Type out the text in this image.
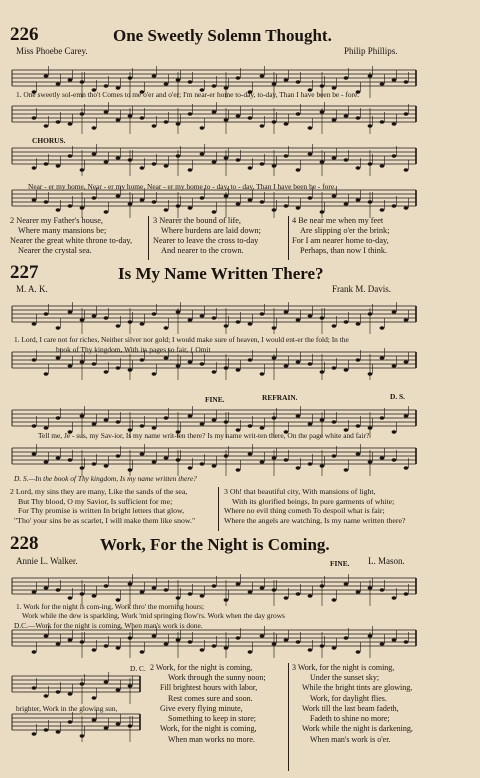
226	One Sweetly Solemn Thought.
Miss Phoebe Carey.	Philip Phillips.
1. One sweetly sol-emn tho't Comes to me o'er and o'er; I'm near-er home to-day, to-day, Than I have been be - fore.
CHORUS.
Near - er my home, Near - er my home, Near - er my home to - day, to - day, Than I have been be - fore.
2 Nearer my Father's house,
Where many mansions be;
Nearer the great white throne to-day,
Nearer the crystal sea.
3 Nearer the bound of life,
Where burdens are laid down;
Nearer to leave the cross to-day
And nearer to the crown.
4 Be near me when my feet
Are slipping o'er the brink;
For I am nearer home to-day,
Perhaps, than now I think.
227	Is My Name Written There?
M. A. K.	Frank M. Davis.
1. Lord, I care not for riches, Neither silver nor gold; I would make sure of heaven, I would ent-er the fold; In the
book of Thy kingdom, With its pages so fair, { Omit
FINE.	REFRAIN.	D. S.
Tell me, Je - sus, my Sav-ior, Is my name writ-ten there? Is my name writ-ten there, On the page white and fair?
D. S.—In the book of Thy kingdom, Is my name written there?
2 Lord, my sins they are many, Like the sands of the sea,
But Thy blood, O my Savior, Is sufficient for me;
For Thy promise is written In bright letters that glow,
"Tho' your sins be as scarlet, I will make them like snow."
3 Oh! that beautiful city, With mansions of light,
With its glorified beings, In pure garments of white;
Where no evil thing cometh To despoil what is fair;
Where the angels are watching, Is my name written there?
228	Work, For the Night is Coming.
Annie L. Walker.	FINE. L. Mason.
1. Work for the night is com-ing, Work thro' the morning hours;
Work while the dew is sparkling, Work 'mid springing flow'rs. Work when the day grows
D.C.—Work for the night is coming, When man's work is done.
D. C.
brighter, Work in the glowing sun,
2 Work, for the night is coming,
Work through the sunny noon;
Fill brightest hours with labor,
Rest comes sure and soon.
Give every flying minute,
Something to keep in store;
Work, for the night is coming,
When man works no more.
3 Work, for the night is coming,
Under the sunset sky;
While the bright tints are glowing,
Work, for daylight flies.
Work till the last beam fadeth,
Fadeth to shine no more;
Work while the night is darkening,
When man's work is o'er.
